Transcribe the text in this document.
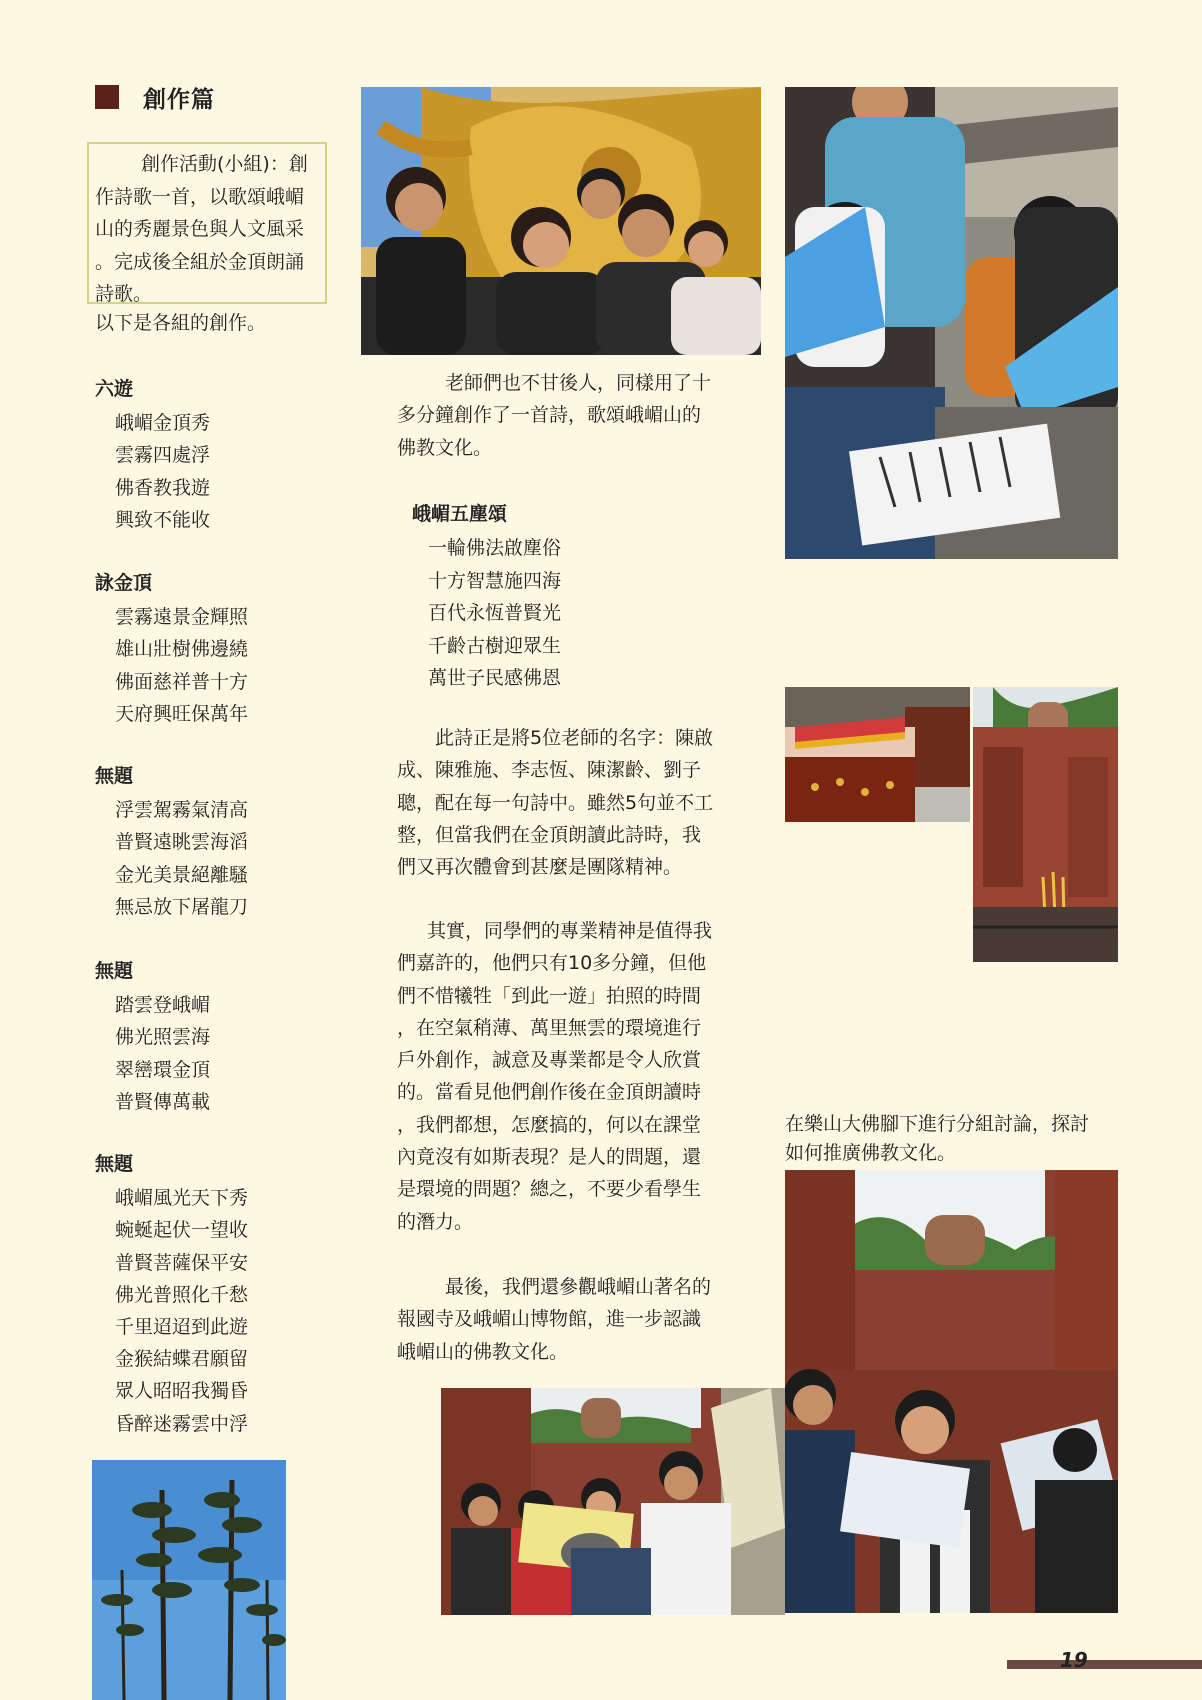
創作篇
創作活動(小組)：創
作詩歌一首，以歌頌峨嵋
山的秀麗景色與人文風采
。完成後全組於金頂朗誦
詩歌。
以下是各組的創作。
六遊
峨嵋金頂秀
雲霧四處浮
佛香教我遊
興致不能收
詠金頂
雲霧遠景金輝照
雄山壯樹佛邊繞
佛面慈祥普十方
天府興旺保萬年
無題
浮雲駕霧氣清高
普賢遠眺雲海滔
金光美景絕離騷
無忌放下屠龍刀
無題
踏雲登峨嵋
佛光照雲海
翠巒環金頂
普賢傳萬載
無題
峨嵋風光天下秀
蜿蜒起伏一望收
普賢菩薩保平安
佛光普照化千愁
千里迢迢到此遊
金猴結蝶君願留
眾人昭昭我獨昏
昏醉迷霧雲中浮
老師們也不甘後人，同樣用了十
多分鐘創作了一首詩，歌頌峨嵋山的
佛教文化。
峨嵋五塵頌
一輪佛法啟塵俗
十方智慧施四海
百代永恆普賢光
千齡古樹迎眾生
萬世子民感佛恩
此詩正是將5位老師的名字：陳啟
成、陳雅施、李志恆、陳潔齡、劉子
聰，配在每一句詩中。雖然5句並不工
整，但當我們在金頂朗讀此詩時，我
們又再次體會到甚麼是團隊精神。
其實，同學們的專業精神是值得我
們嘉許的，他們只有10多分鐘，但他
們不惜犧牲「到此一遊」拍照的時間
，在空氣稍薄、萬里無雲的環境進行
戶外創作，誠意及專業都是令人欣賞
的。當看見他們創作後在金頂朗讀時
，我們都想，怎麼搞的，何以在課堂
內竟沒有如斯表現？是人的問題，還
是環境的問題？總之，不要少看學生
的潛力。
最後，我們還參觀峨嵋山著名的
報國寺及峨嵋山博物館，進一步認識
峨嵋山的佛教文化。
在樂山大佛腳下進行分組討論，探討
如何推廣佛教文化。
19
